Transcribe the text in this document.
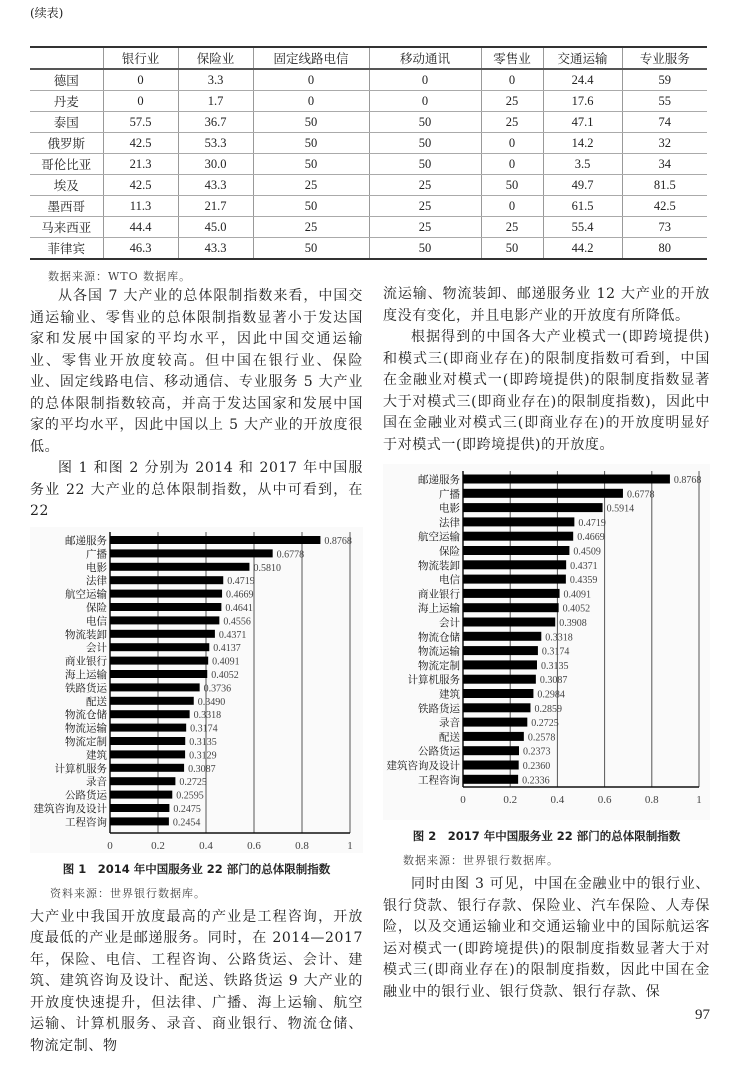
(续表)
	银行业	保险业	固定线路电信	移动通讯	零售业	交通运输	专业服务
德国	0	3.3	0	0	0	24.4	59
丹麦	0	1.7	0	0	25	17.6	55
泰国	57.5	36.7	50	50	25	47.1	74
俄罗斯	42.5	53.3	50	50	0	14.2	32
哥伦比亚	21.3	30.0	50	50	0	3.5	34
埃及	42.5	43.3	25	25	50	49.7	81.5
墨西哥	11.3	21.7	50	25	0	61.5	42.5
马来西亚	44.4	45.0	25	25	25	55.4	73
菲律宾	46.3	43.3	50	50	50	44.2	80
数据来源：WTO 数据库。
从各国 7 大产业的总体限制指数来看，中国交通运输业、零售业的总体限制指数显著小于发达国家和发展中国家的平均水平，因此中国交通运输业、零售业开放度较高。但中国在银行业、保险业、固定线路电信、移动通信、专业服务 5 大产业的总体限制指数较高，并高于发达国家和发展中国家的平均水平，因此中国以上 5 大产业的开放度很低。
图 1 和图 2 分别为 2014 和 2017 年中国服务业 22 大产业的总体限制指数，从中可看到，在 22
0	0.2	0.4	0.6	0.8	1
邮递服务	0.8768
广播	0.6778
电影	0.5810
法律	0.4719
航空运输	0.4669
保险	0.4641
电信	0.4556
物流装卸	0.4371
会计	0.4137
商业银行	0.4091
海上运输	0.4052
铁路货运	0.3736
配送	0.3490
物流仓储	0.3318
物流运输	0.3174
物流定制	0.3135
建筑	0.3129
计算机服务	0.3087
录音	0.2725
公路货运	0.2595
建筑咨询及设计	0.2475
工程咨询	0.2454
图 1　2014 年中国服务业 22 部门的总体限制指数
资料来源：世界银行数据库。
大产业中我国开放度最高的产业是工程咨询，开放度最低的产业是邮递服务。同时，在 2014—2017年，保险、电信、工程咨询、公路货运、会计、建筑、建筑咨询及设计、配送、铁路货运 9 大产业的开放度快速提升，但法律、广播、海上运输、航空运输、计算机服务、录音、商业银行、物流仓储、物流定制、物
流运输、物流装卸、邮递服务业 12 大产业的开放度没有变化，并且电影产业的开放度有所降低。
根据得到的中国各大产业模式一(即跨境提供)和模式三(即商业存在)的限制度指数可看到，中国在金融业对模式一(即跨境提供)的限制度指数显著大于对模式三(即商业存在)的限制度指数)，因此中国在金融业对模式三(即商业存在)的开放度明显好于对模式一(即跨境提供)的开放度。
0	0.2	0.4	0.6	0.8	1
邮递服务	0.8768
广播	0.6778
电影	0.5914
法律	0.4719
航空运输	0.4669
保险	0.4509
物流装卸	0.4371
电信	0.4359
商业银行	0.4091
海上运输	0.4052
会计	0.3908
物流仓储	0.3318
物流运输	0.3174
物流定制	0.3135
计算机服务	0.3087
建筑	0.2984
铁路货运	0.2859
录音	0.2725
配送	0.2578
公路货运	0.2373
建筑咨询及设计	0.2360
工程咨询	0.2336
图 2　2017 年中国服务业 22 部门的总体限制指数
数据来源：世界银行数据库。
同时由图 3 可见，中国在金融业中的银行业、银行贷款、银行存款、保险业、汽车保险、人寿保险，以及交通运输业和交通运输业中的国际航运客运对模式一(即跨境提供)的限制度指数显著大于对模式三(即商业存在)的限制度指数，因此中国在金融业中的银行业、银行贷款、银行存款、保
97
